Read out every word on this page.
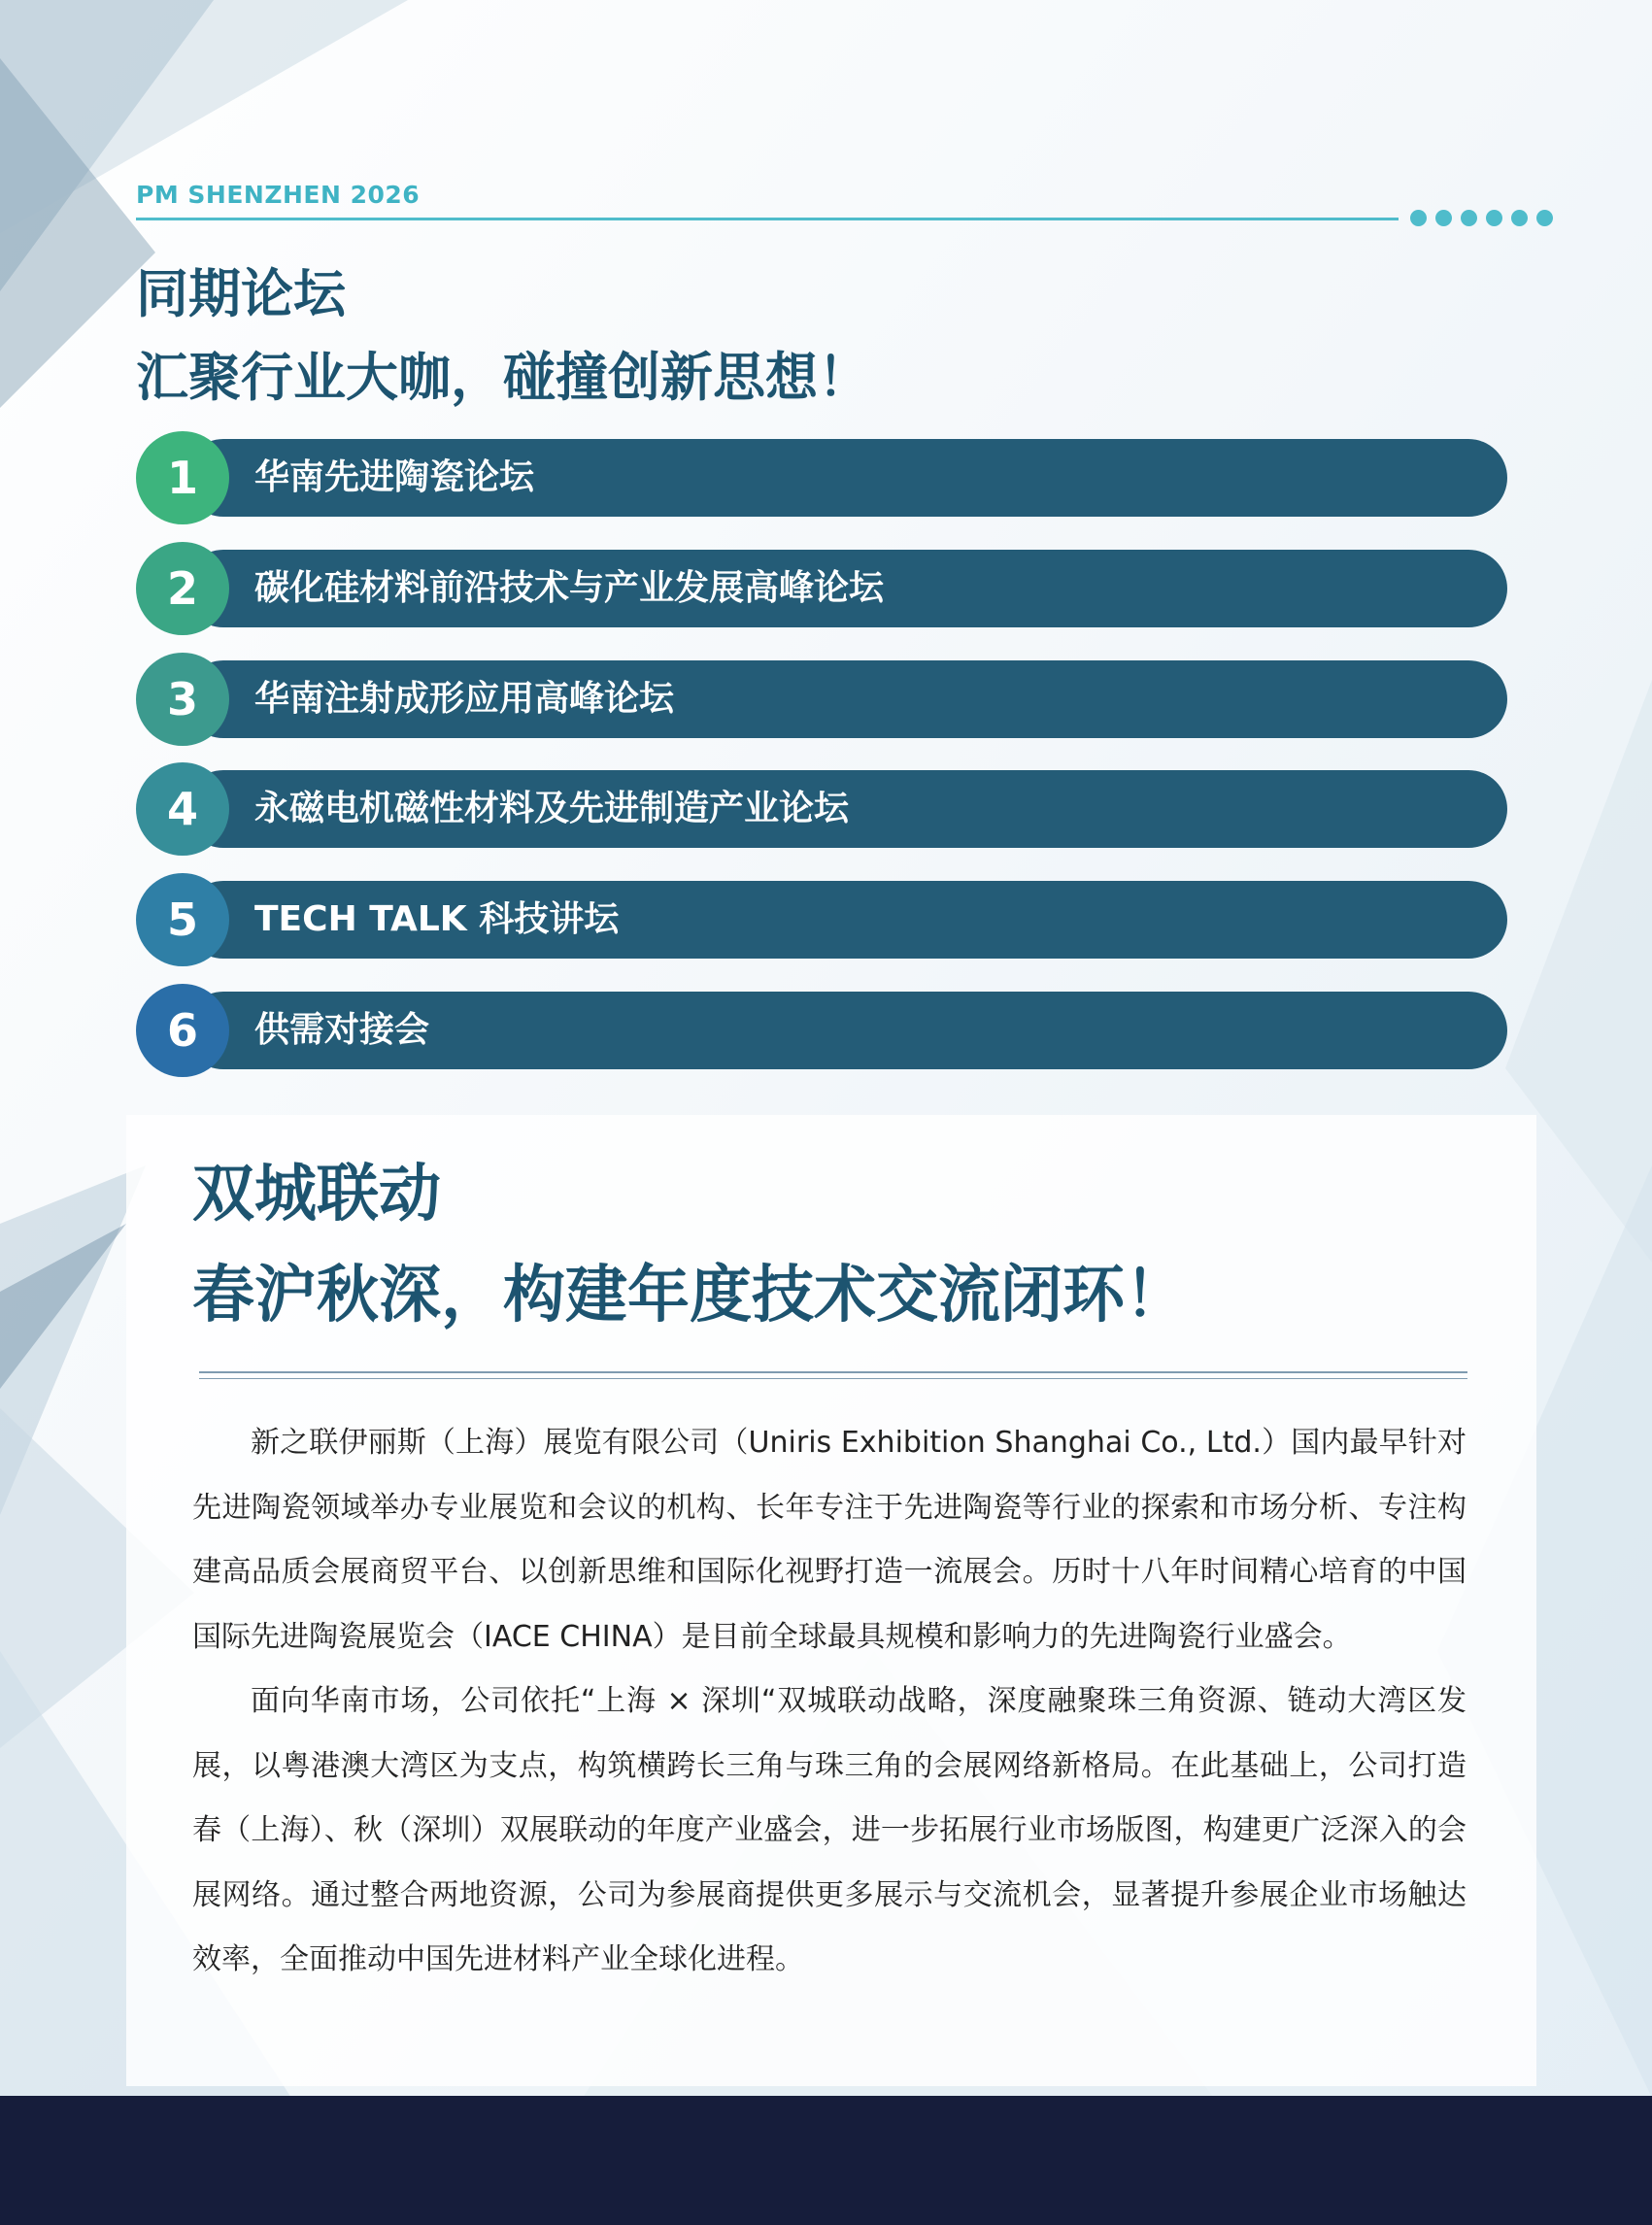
PM SHENZHEN 2026
同期论坛
汇聚行业大咖，碰撞创新思想！
1	华南先进陶瓷论坛
2	碳化硅材料前沿技术与产业发展高峰论坛
3	华南注射成形应用高峰论坛
4	永磁电机磁性材料及先进制造产业论坛
5	TECH TALK 科技讲坛
6	供需对接会
双城联动
春沪秋深，构建年度技术交流闭环！

新之联伊丽斯（上海）展览有限公司（Uniris Exhibition Shanghai Co., Ltd.）国内最早针对先进陶瓷领域举办专业展览和会议的机构、长年专注于先进陶瓷等行业的探索和市场分析、专注构建高品质会展商贸平台、以创新思维和国际化视野打造一流展会。历时十八年时间精心培育的中国国际先进陶瓷展览会（IACE CHINA）是目前全球最具规模和影响力的先进陶瓷行业盛会。

面向华南市场，公司依托“上海 × 深圳“双城联动战略，深度融聚珠三角资源、链动大湾区发展，以粤港澳大湾区为支点，构筑横跨长三角与珠三角的会展网络新格局。在此基础上，公司打造春（上海）、秋（深圳）双展联动的年度产业盛会，进一步拓展行业市场版图，构建更广泛深入的会展网络。通过整合两地资源，公司为参展商提供更多展示与交流机会，显著提升参展企业市场触达效率，全面推动中国先进材料产业全球化进程。
